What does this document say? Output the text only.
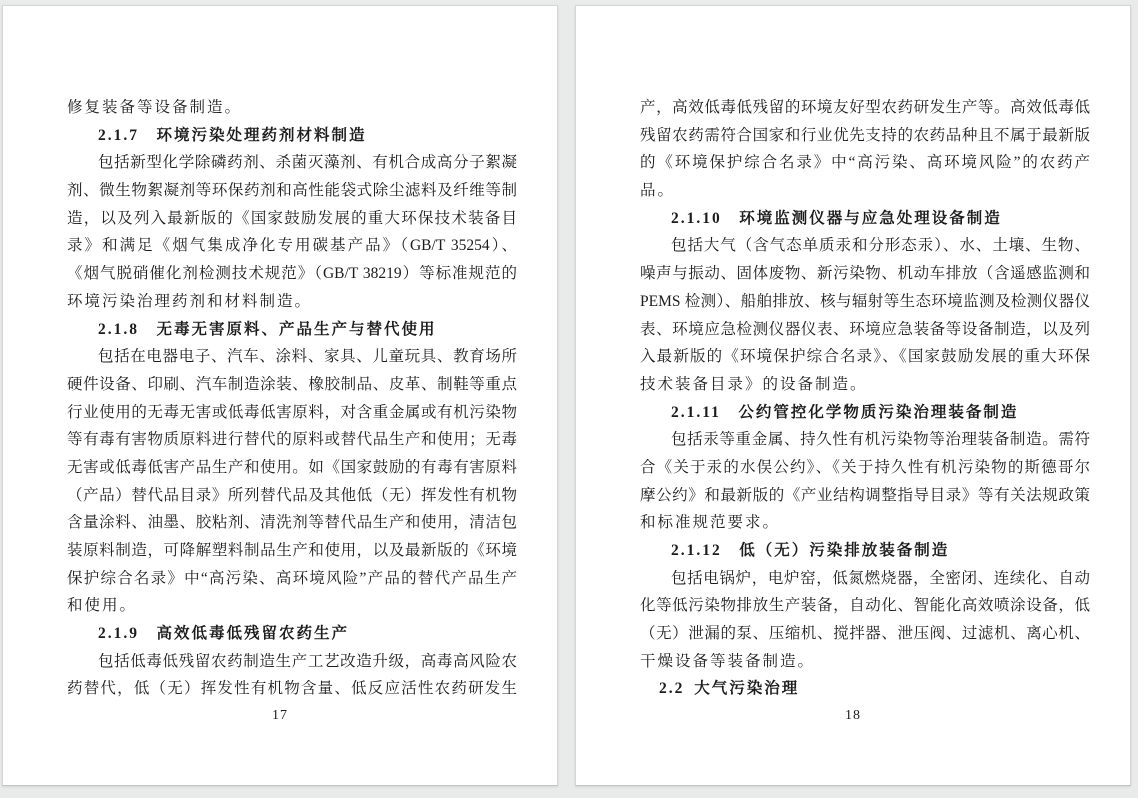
修复装备等设备制造。
2.1.7　环境污染处理药剂材料制造
包括新型化学除磷药剂、杀菌灭藻剂、有机合成高分子絮凝
剂、微生物絮凝剂等环保药剂和高性能袋式除尘滤料及纤维等制
造，以及列入最新版的《国家鼓励发展的重大环保技术装备目
录》和满足《烟气集成净化专用碳基产品》（GB/T 35254）、
《烟气脱硝催化剂检测技术规范》（GB/T 38219）等标准规范的
环境污染治理药剂和材料制造。
2.1.8　无毒无害原料、产品生产与替代使用
包括在电器电子、汽车、涂料、家具、儿童玩具、教育场所
硬件设备、印刷、汽车制造涂装、橡胶制品、皮革、制鞋等重点
行业使用的无毒无害或低毒低害原料，对含重金属或有机污染物
等有毒有害物质原料进行替代的原料或替代品生产和使用；无毒
无害或低毒低害产品生产和使用。如《国家鼓励的有毒有害原料
（产品）替代品目录》所列替代品及其他低（无）挥发性有机物
含量涂料、油墨、胶粘剂、清洗剂等替代品生产和使用，清洁包
装原料制造，可降解塑料制品生产和使用，以及最新版的《环境
保护综合名录》中“高污染、高环境风险”产品的替代产品生产
和使用。
2.1.9　高效低毒低残留农药生产
包括低毒低残留农药制造生产工艺改造升级，高毒高风险农
药替代，低（无）挥发性有机物含量、低反应活性农药研发生
17
产，高效低毒低残留的环境友好型农药研发生产等。高效低毒低
残留农药需符合国家和行业优先支持的农药品种且不属于最新版
的《环境保护综合名录》中“高污染、高环境风险”的农药产
品。
2.1.10　环境监测仪器与应急处理设备制造
包括大气（含气态单质汞和分形态汞）、水、土壤、生物、
噪声与振动、固体废物、新污染物、机动车排放（含遥感监测和
PEMS 检测）、船舶排放、核与辐射等生态环境监测及检测仪器仪
表、环境应急检测仪器仪表、环境应急装备等设备制造，以及列
入最新版的《环境保护综合名录》、《国家鼓励发展的重大环保
技术装备目录》的设备制造。
2.1.11　公约管控化学物质污染治理装备制造
包括汞等重金属、持久性有机污染物等治理装备制造。需符
合《关于汞的水俣公约》、《关于持久性有机污染物的斯德哥尔
摩公约》和最新版的《产业结构调整指导目录》等有关法规政策
和标准规范要求。
2.1.12　低（无）污染排放装备制造
包括电锅炉，电炉窑，低氮燃烧器，全密闭、连续化、自动
化等低污染物排放生产装备，自动化、智能化高效喷涂设备，低
（无）泄漏的泵、压缩机、搅拌器、泄压阀、过滤机、离心机、
干燥设备等装备制造。
2.2 大气污染治理
18
